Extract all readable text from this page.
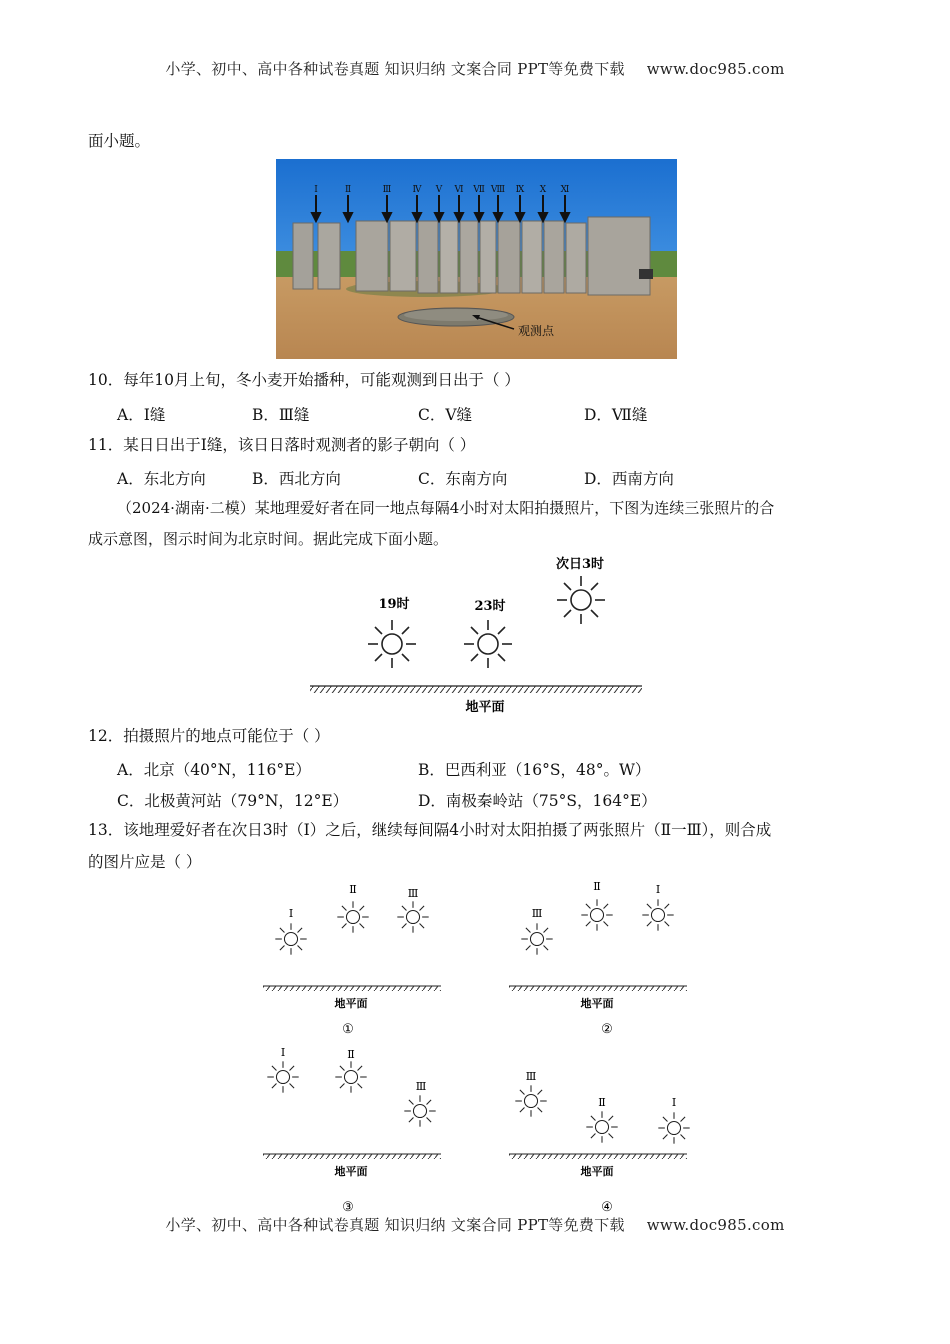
小学、初中、高中各种试卷真题 知识归纳 文案合同 PPT等免费下载 www.doc985.com
面小题。
Ⅰ	Ⅱ	Ⅲ Ⅳ Ⅴ Ⅵ Ⅶ Ⅷ Ⅸ Ⅹ Ⅺ
观测点
10．每年10月上旬，冬小麦开始播种，可能观测到日出于（ ）
A．Ⅰ缝	B．Ⅲ缝	C．Ⅴ缝	D．Ⅶ缝
11．某日日出于Ⅰ缝，该日日落时观测者的影子朝向（ ）
A．东北方向	B．西北方向	C．东南方向	D．西南方向
（2024·湖南·二模）某地理爱好者在同一地点每隔4小时对太阳拍摄照片，下图为连续三张照片的合
成示意图，图示时间为北京时间。据此完成下面小题。
19时	23时
次日3时
地平面
12．拍摄照片的地点可能位于（ ）
A．北京（40°N，116°E）	B．巴西利亚（16°S，48°。W）
C．北极黄河站（79°N，12°E）	D．南极秦岭站（75°S，164°E）
13．该地理爱好者在次日3时（Ⅰ）之后，继续每间隔4小时对太阳拍摄了两张照片（Ⅱ一Ⅲ），则合成
的图片应是（ ）
Ⅰ
Ⅱ	Ⅲ
地平面
①
Ⅲ
Ⅱ	Ⅰ
地平面
②
Ⅰ	Ⅱ
Ⅲ
地平面
③
Ⅲ
Ⅱ	Ⅰ
地平面
④
小学、初中、高中各种试卷真题 知识归纳 文案合同 PPT等免费下载 www.doc985.com
